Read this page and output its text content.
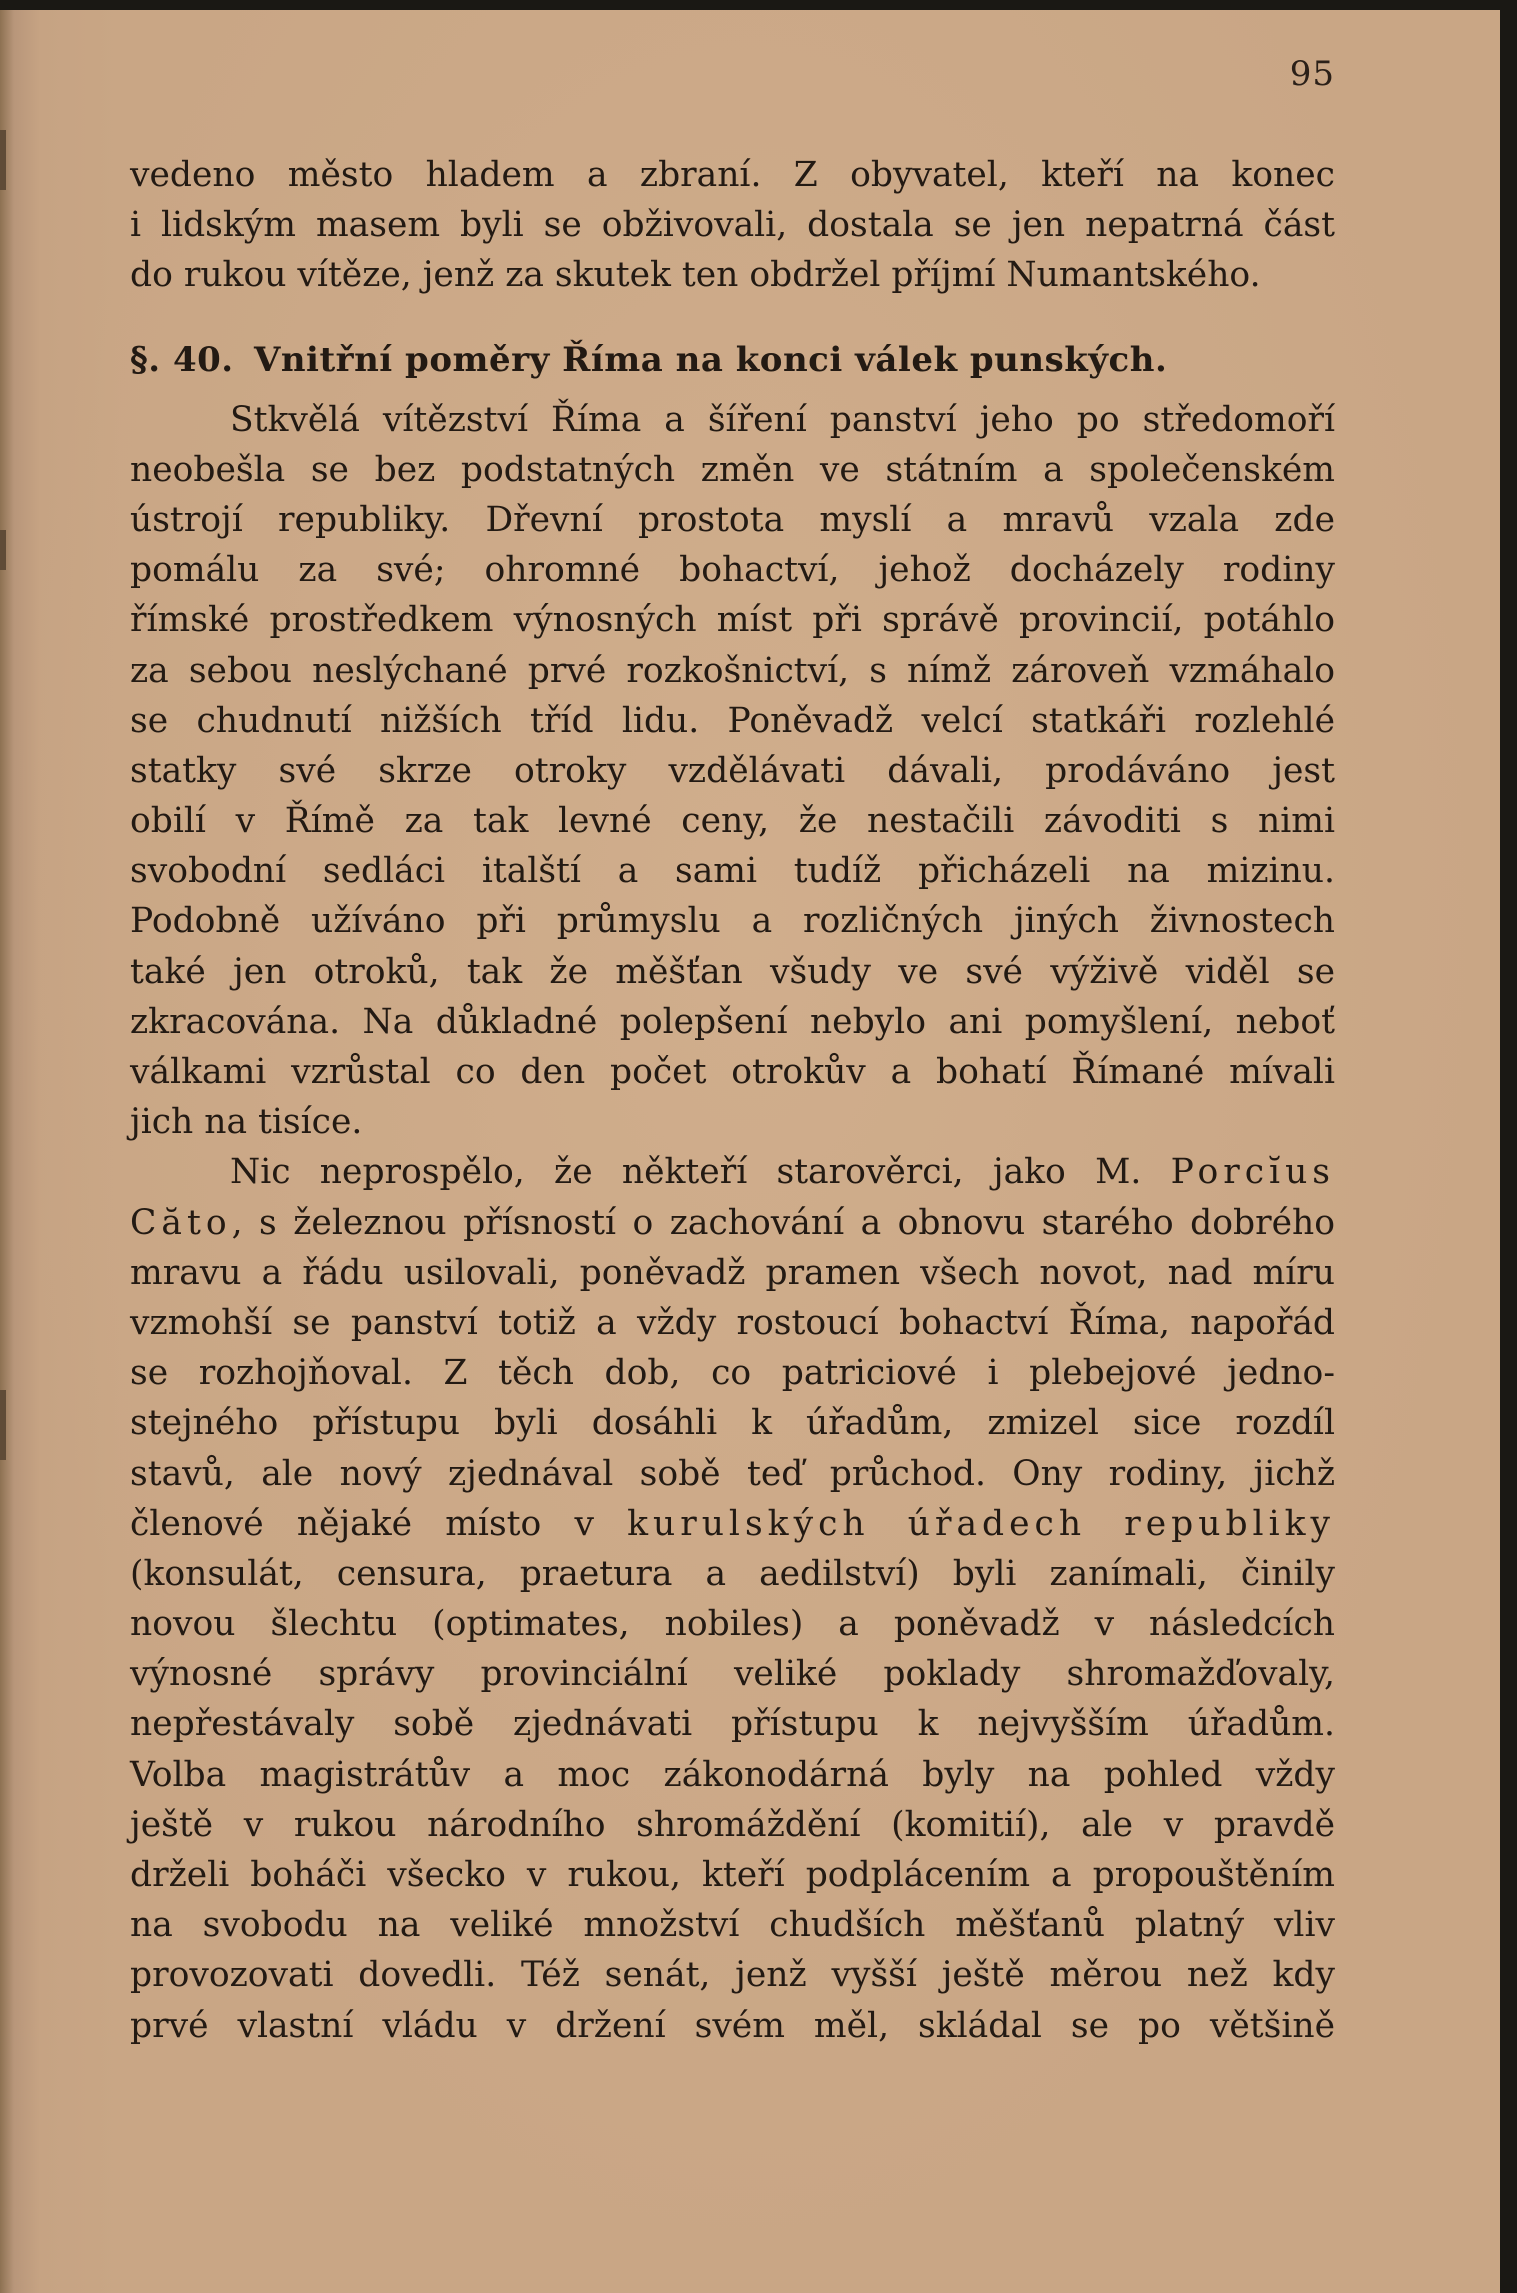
95
vedeno město hladem a zbraní. Z obyvatel, kteří na konec
i lidským masem byli se obživovali, dostala se jen nepatrná část
do rukou vítěze, jenž za skutek ten obdržel příjmí Numantského.
§. 40. Vnitřní poměry Říma na konci válek punských.
Stkvělá vítězství Říma a šíření panství jeho po středomoří
neobešla se bez podstatných změn ve státním a společenském
ústrojí republiky. Dřevní prostota myslí a mravů vzala zde
pomálu za své; ohromné bohactví, jehož docházely rodiny
římské prostředkem výnosných míst při správě provincií, potáhlo
za sebou neslýchané prvé rozkošnictví, s nímž zároveň vzmáhalo
se chudnutí nižších tříd lidu. Poněvadž velcí statkáři rozlehlé
statky své skrze otroky vzdělávati dávali, prodáváno jest
obilí v Římě za tak levné ceny, že nestačili závoditi s nimi
svobodní sedláci italští a sami tudíž přicházeli na mizinu.
Podobně užíváno při průmyslu a rozličných jiných živnostech
také jen otroků, tak že měšťan všudy ve své výživě viděl se
zkracována. Na důkladné polepšení nebylo ani pomyšlení, neboť
válkami vzrůstal co den počet otrokův a bohatí Římané mívali
jich na tisíce.
Nic neprospělo, že někteří starověrci, jako M. Porcĭus
Căto, s železnou přísností o zachování a obnovu starého dobrého
mravu a řádu usilovali, poněvadž pramen všech novot, nad míru
vzmohší se panství totiž a vždy rostoucí bohactví Říma, napořád
se rozhojňoval. Z těch dob, co patriciové i plebejové jedno-
stejného přístupu byli dosáhli k úřadům, zmizel sice rozdíl
stavů, ale nový zjednával sobě teď průchod. Ony rodiny, jichž
členové nějaké místo v kurulských úřadech republiky
(konsulát, censura, praetura a aedilství) byli zanímali, činily
novou šlechtu (optimates, nobiles) a poněvadž v následcích
výnosné správy provinciální veliké poklady shromažďovaly,
nepřestávaly sobě zjednávati přístupu k nejvyšším úřadům.
Volba magistrátův a moc zákonodárná byly na pohled vždy
ještě v rukou národního shromáždění (komitií), ale v pravdě
drželi boháči všecko v rukou, kteří podplácením a propouštěním
na svobodu na veliké množství chudších měšťanů platný vliv
provozovati dovedli. Též senát, jenž vyšší ještě měrou než kdy
prvé vlastní vládu v držení svém měl, skládal se po většině
